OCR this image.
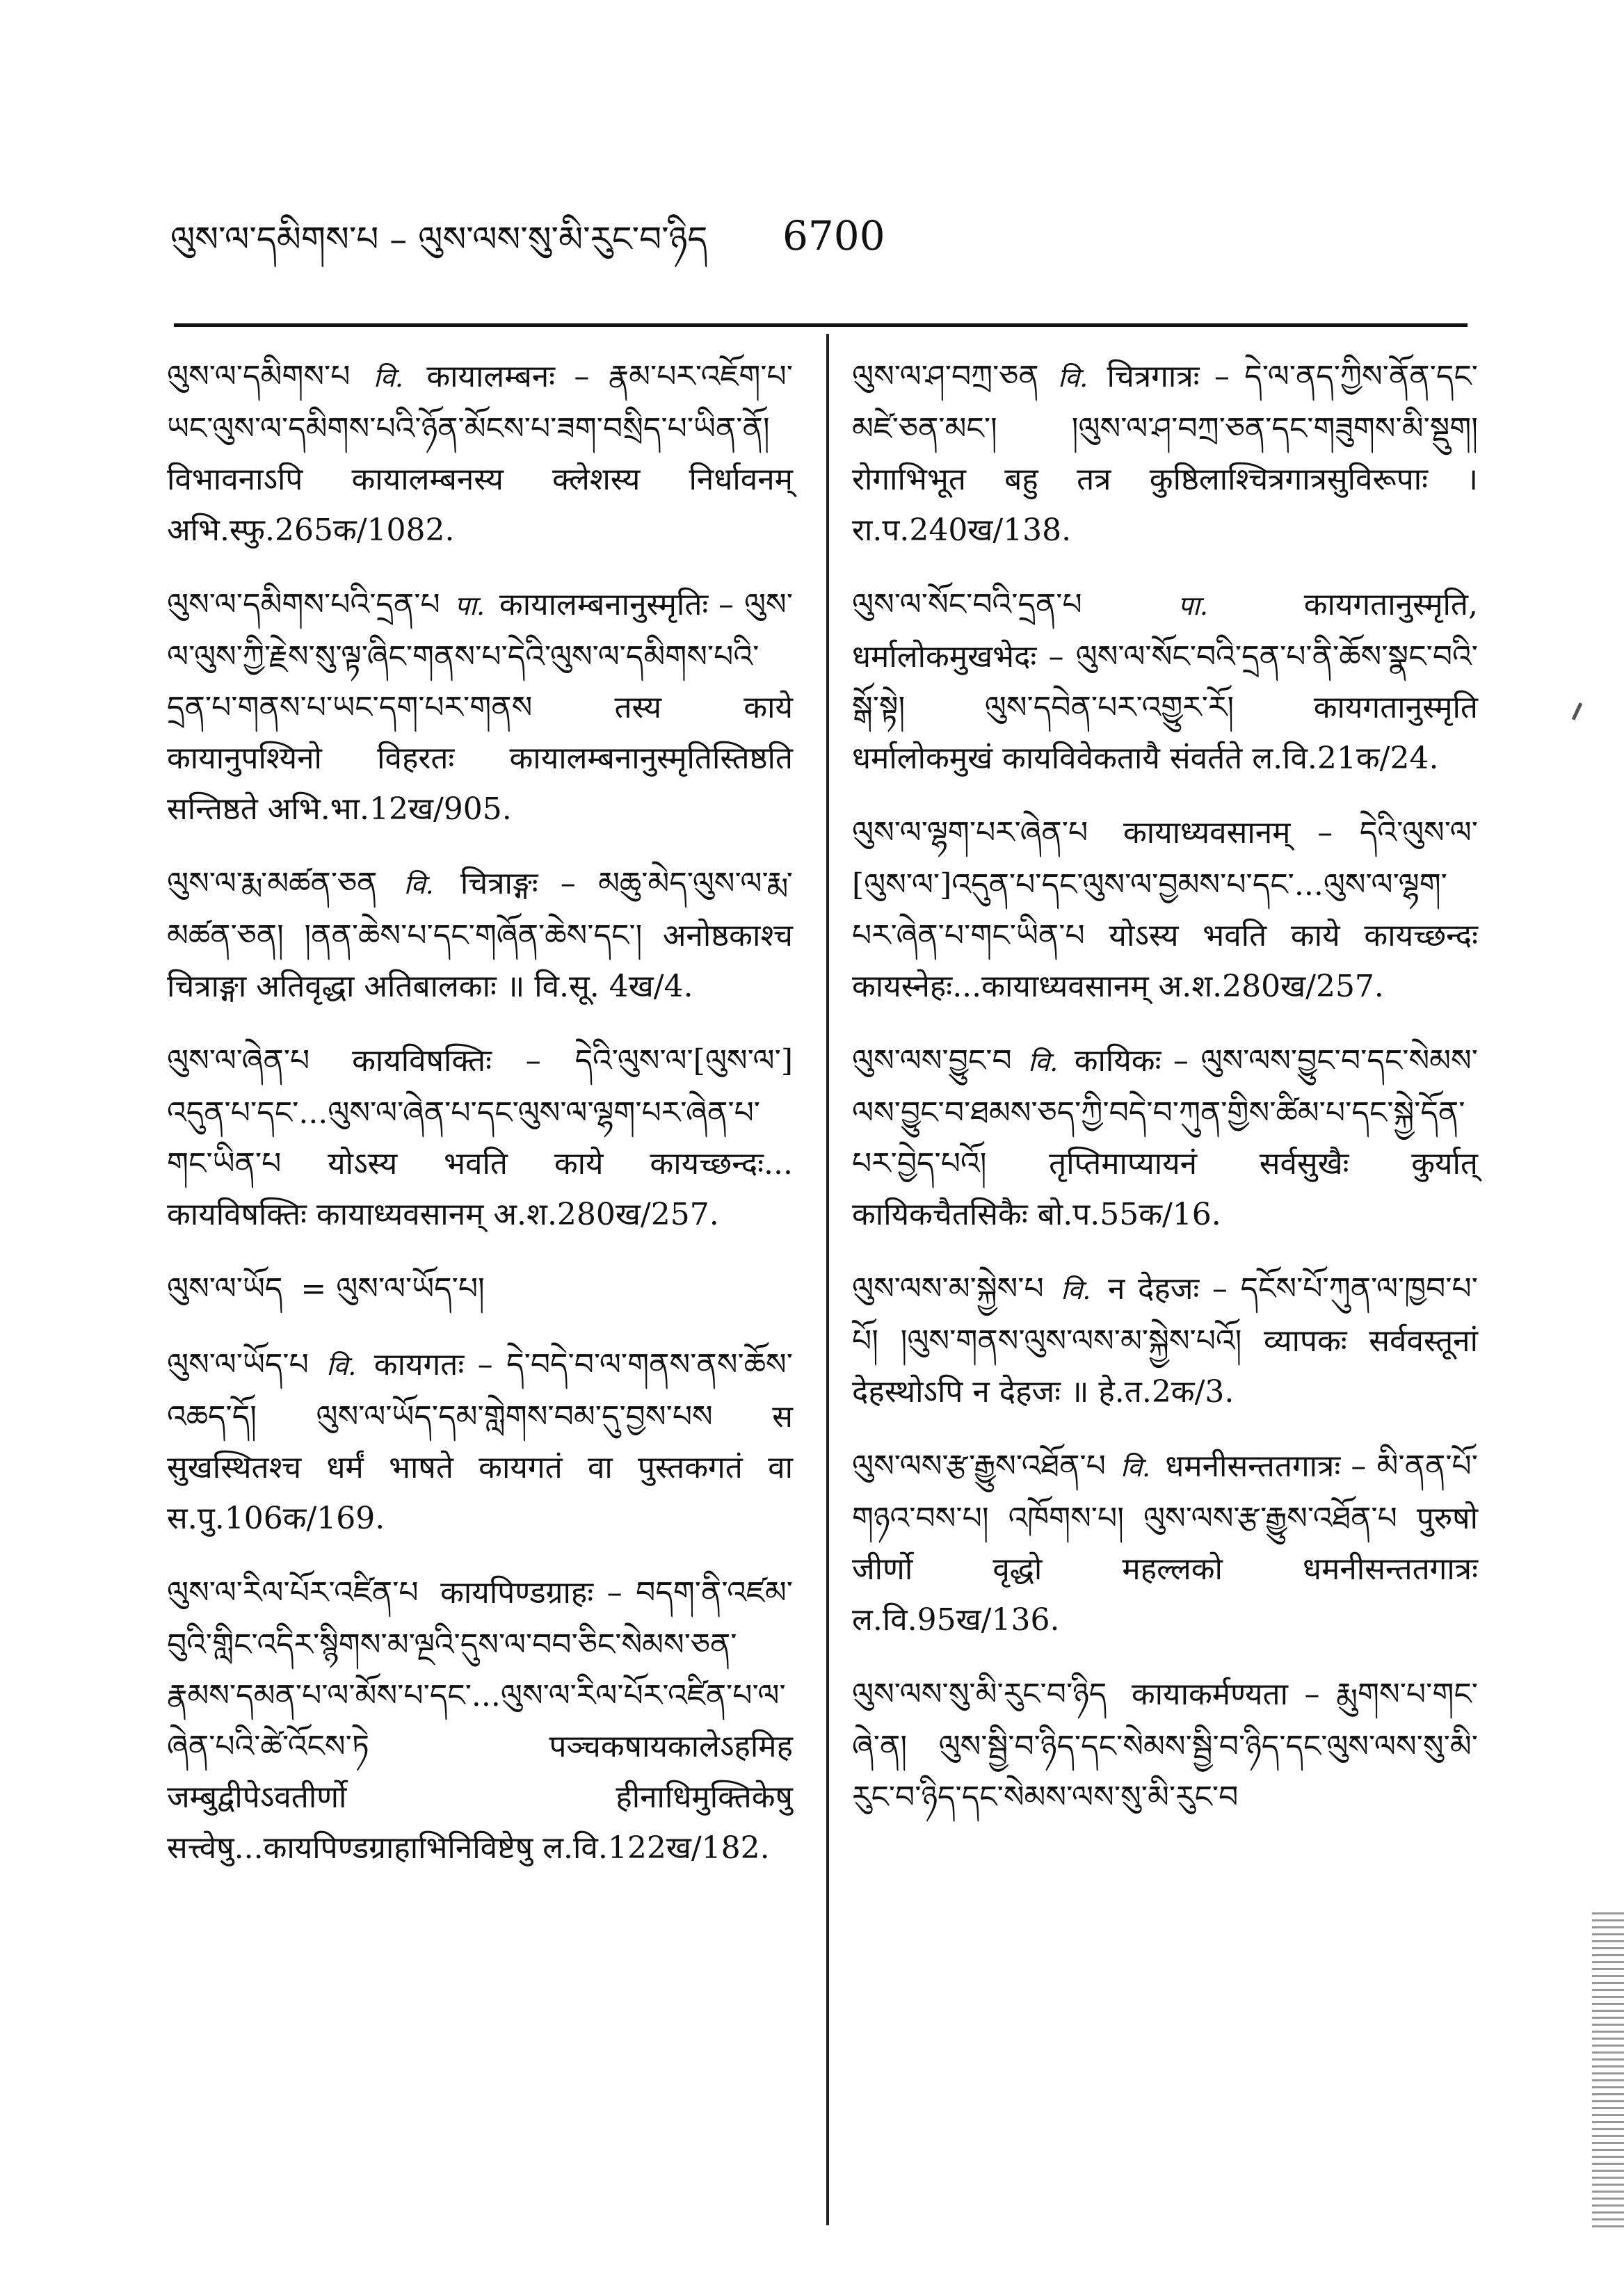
ལུས་ལ་དམིགས་པ – ལུས་ལས་སུ་མི་རུང་བ་ཉིད 6700

ལུས་ལ་དམིགས་པ वि. कायालम्बनः – རྣམ་པར་འཇོག་པ་ཡང་ལུས་ལ་དམིགས་པའི་ཉོན་མོངས་པ་ཟག་བསྲིད་པ་ཡིན་ནོ། विभावनाऽपि कायालम्बनस्य क्लेशस्य निर्धावनम् अभि.स्फु.265क/1082.

ལུས་ལ་དམིགས་པའི་དྲན་པ पा. कायालम्बनानुस्मृतिः – ལུས་ལ་ལུས་ཀྱི་རྗེས་སུ་ལྟ་ཞིང་གནས་པ་དེའི་ལུས་ལ་དམིགས་པའི་དྲན་པ་གནས་པ་ཡང་དག་པར་གནས तस्य काये कायानुपश्यिनो विहरतः कायालम्बनानुस्मृतिस्तिष्ठति सन्तिष्ठते अभि.भा.12ख/905.

ལུས་ལ་རྨ་མཚན་ཅན वि. चित्राङ्गः – མཆུ་མེད་ལུས་ལ་རྨ་མཚན་ཅན། །ནན་ཆེས་པ་དང་གཞོན་ཆེས་དང་། अनोष्ठकाश्च चित्राङ्गा अतिवृद्धा अतिबालकाः ॥ वि.सू. 4ख/4.

ལུས་ལ་ཞེན་པ कायविषक्तिः – དེའི་ལུས་ལ་[ལུས་ལ་] འདུན་པ་དང་...ལུས་ལ་ཞེན་པ་དང་ལུས་ལ་ལྷག་པར་ཞེན་པ་གང་ཡིན་པ योऽस्य भवति काये कायच्छन्दः... कायविषक्तिः कायाध्यवसानम् अ.श.280ख/257.

ལུས་ལ་ཡོད = ལུས་ལ་ཡོད་པ།

ལུས་ལ་ཡོད་པ वि. कायगतः – དེ་བདེ་བ་ལ་གནས་ནས་ཆོས་འཆད་དོ། ལུས་ལ་ཡོད་དམ་གླེགས་བམ་དུ་བྱས་པས स सुखस्थितश्च धर्मं भाषते कायगतं वा पुस्तकगतं वा स.पु.106क/169.

ལུས་ལ་རིལ་པོར་འཛིན་པ कायपिण्डग्राहः – བདག་ནི་འཛམ་བུའི་གླིང་འདིར་སྙིགས་མ་ལྔའི་དུས་ལ་བབ་ཅིང་སེམས་ཅན་རྣམས་དམན་པ་ལ་མོས་པ་དང་...ལུས་ལ་རིལ་པོར་འཛིན་པ་ལ་ཞེན་པའི་ཚེ་འོངས་ཏེ पञ्चकषायकालेऽहमिह जम्बुद्वीपेऽवतीर्णो हीनाधिमुक्तिकेषु सत्त्वेषु...कायपिण्डग्राहाभिनिविष्टेषु ल.वि.122ख/182.

ལུས་ལ་ཤ་བཀྲ་ཅན वि. चित्रगात्रः – དེ་ལ་ནད་ཀྱིས་ནོན་དང་མཛེ་ཅན་མང་། །ལུས་ལ་ཤ་བཀྲ་ཅན་དང་གཟུགས་མི་སྡུག། रोगाभिभूत बहु तत्र कुष्ठिलाश्चित्रगात्रसुविरूपाः । रा.प.240ख/138.

ལུས་ལ་སོང་བའི་དྲན་པ	पा.	कायगतानुस्मृति, धर्मालोकमुखभेदः – ལུས་ལ་སོང་བའི་དྲན་པ་ནི་ཆོས་སྣང་བའི་སྒོ་སྟེ། ལུས་དབེན་པར་འགྱུར་རོ། कायगतानुस्मृति धर्मालोकमुखं कायविवेकतायै संवर्तते ल.वि.21क/24.

ལུས་ལ་ལྷག་པར་ཞེན་པ कायाध्यवसानम् – དེའི་ལུས་ལ་[ལུས་ལ་]འདུན་པ་དང་ལུས་ལ་བྱམས་པ་དང་...ལུས་ལ་ལྷག་པར་ཞེན་པ་གང་ཡིན་པ योऽस्य भवति काये कायच्छन्दः कायस्नेहः...कायाध्यवसानम् अ.श.280ख/257.

ལུས་ལས་བྱུང་བ वि. कायिकः – ལུས་ལས་བྱུང་བ་དང་སེམས་ལས་བྱུང་བ་ཐམས་ཅད་ཀྱི་བདེ་བ་ཀུན་གྱིས་ཚིམ་པ་དང་སྐྱེ་དོན་པར་བྱེད་པའོ། तृप्तिमाप्यायनं सर्वसुखैः कुर्यात् कायिकचैतसिकैः बो.प.55क/16.

ལུས་ལས་མ་སྐྱེས་པ वि. न देहजः – དངོས་པོ་ཀུན་ལ་ཁྱབ་པ་པོ། །ལུས་གནས་ལུས་ལས་མ་སྐྱེས་པའོ། व्यापकः सर्ववस्तूनां देहस्थोऽपि न देहजः ॥ हे.त.2क/3.

ལུས་ལས་རྩ་རྒྱུས་འཐོན་པ वि. धमनीसन्ततगात्रः – མི་ནན་པོ་གཉའ་བས་པ། འཁོགས་པ། ལུས་ལས་རྩ་རྒྱུས་འཐོན་པ पुरुषो जीर्णो वृद्धो महल्लको धमनीसन्ततगात्रः ल.वि.95ख/136.

ལུས་ལས་སུ་མི་རུང་བ་ཉིད कायाकर्मण्यता – རྨུགས་པ་གང་ཞེ་ན། ལུས་སྦྱི་བ་ཉིད་དང་སེམས་སྦྱི་བ་ཉིད་དང་ལུས་ལས་སུ་མི་རུང་བ་ཉིད་དང་སེམས་ལས་སུ་མི་རུང་བ
